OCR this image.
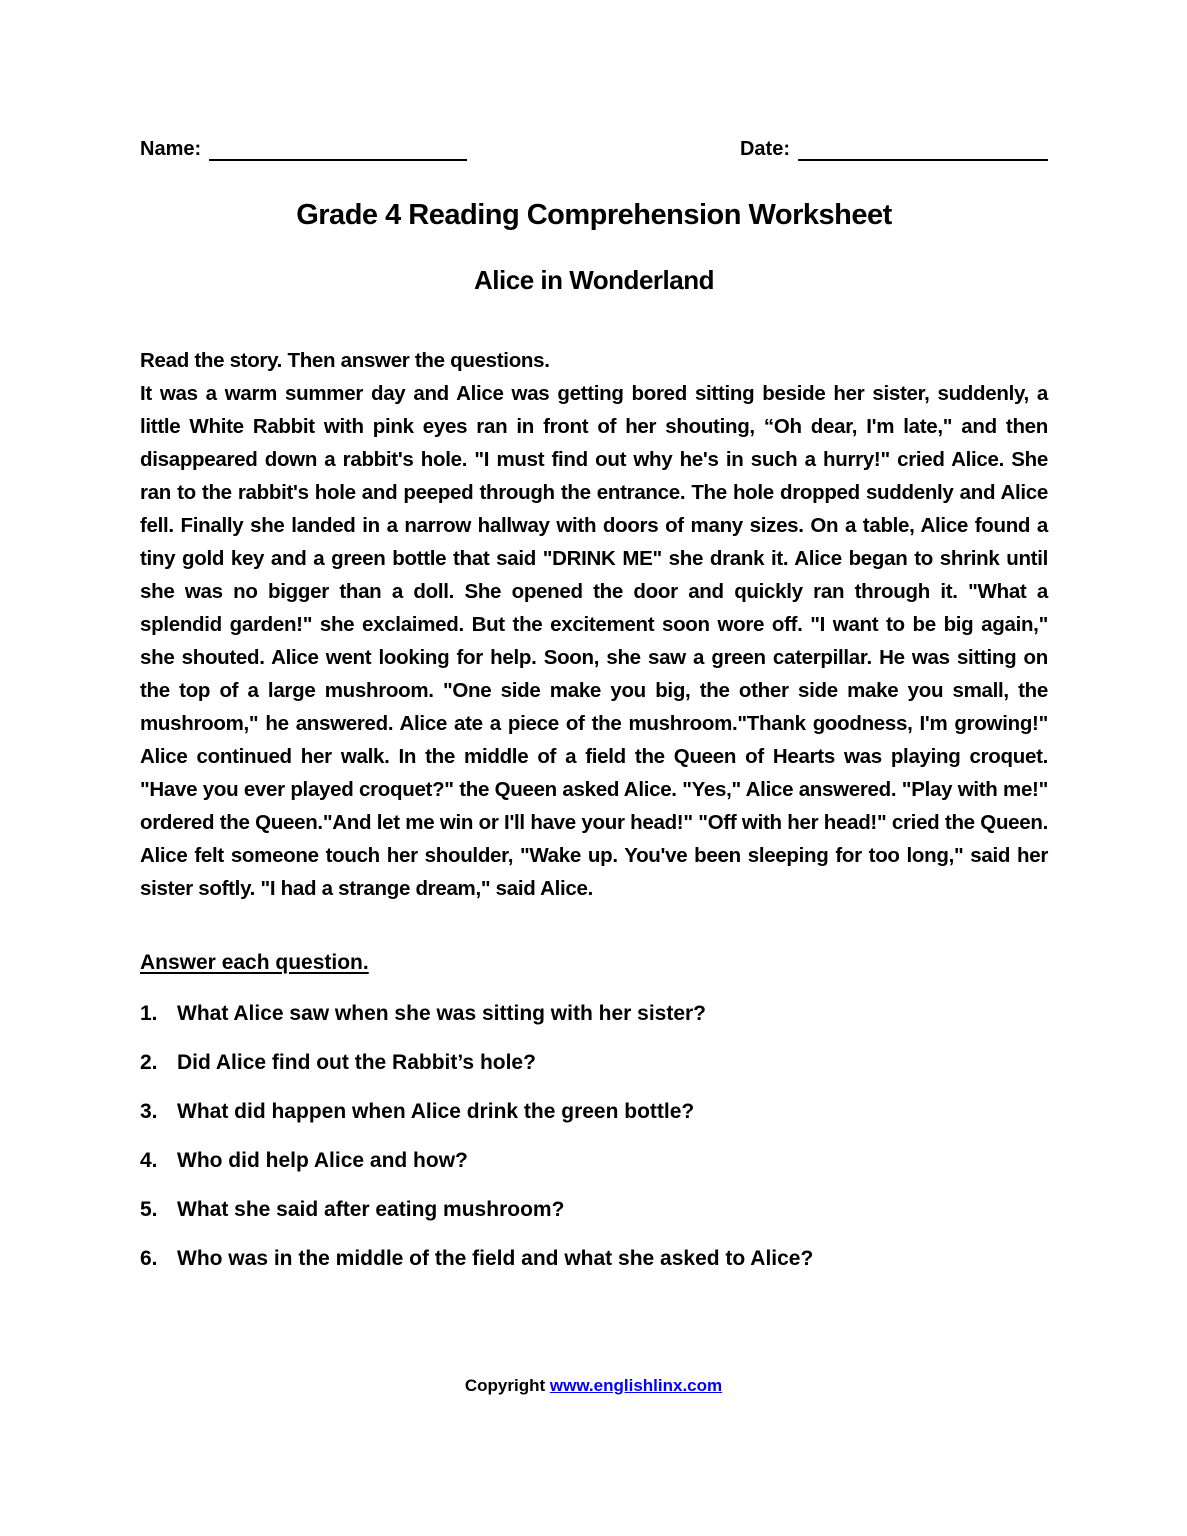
Name:	Date:
Grade 4 Reading Comprehension Worksheet
Alice in Wonderland
Read the story. Then answer the questions.
It was a warm summer day and Alice was getting bored sitting beside her sister, suddenly, a little White Rabbit with pink eyes ran in front of her shouting, “Oh dear, I'm late," and then disappeared down a rabbit's hole. "I must find out why he's in such a hurry!" cried Alice. She ran to the rabbit's hole and peeped through the entrance. The hole dropped suddenly and Alice fell. Finally she landed in a narrow hallway with doors of many sizes. On a table, Alice found a tiny gold key and a green bottle that said "DRINK ME" she drank it. Alice began to shrink until she was no bigger than a doll. She opened the door and quickly ran through it. "What a splendid garden!" she exclaimed. But the excitement soon wore off. "I want to be big again," she shouted. Alice went looking for help. Soon, she saw a green caterpillar. He was sitting on the top of a large mushroom. "One side make you big, the other side make you small, the mushroom," he answered. Alice ate a piece of the mushroom."Thank goodness, I'm growing!" Alice continued her walk. In the middle of a field the Queen of Hearts was playing croquet. "Have you ever played croquet?" the Queen asked Alice. "Yes," Alice answered. "Play with me!" ordered the Queen."And let me win or I'll have your head!" "Off with her head!" cried the Queen. Alice felt someone touch her shoulder, "Wake up. You've been sleeping for too long," said her sister softly. "I had a strange dream," said Alice.
Answer each question.
1. What Alice saw when she was sitting with her sister?
2. Did Alice find out the Rabbit’s hole?
3. What did happen when Alice drink the green bottle?
4. Who did help Alice and how?
5. What she said after eating mushroom?
6. Who was in the middle of the field and what she asked to Alice?
Copyright www.englishlinx.com
